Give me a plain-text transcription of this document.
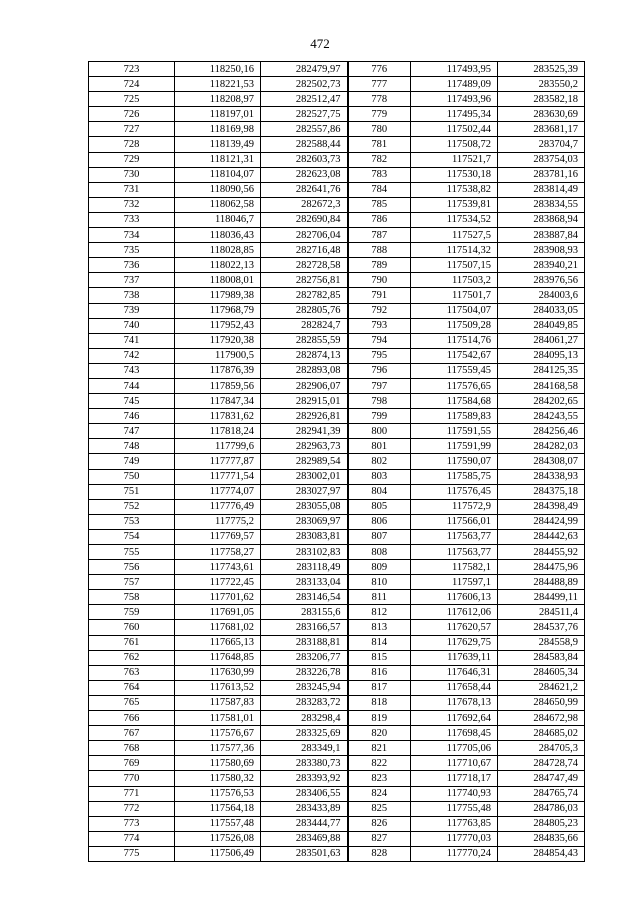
472
723	118250,16	282479,97	776	117493,95	283525,39
724	118221,53	282502,73	777	117489,09	283550,2
725	118208,97	282512,47	778	117493,96	283582,18
726	118197,01	282527,75	779	117495,34	283630,69
727	118169,98	282557,86	780	117502,44	283681,17
728	118139,49	282588,44	781	117508,72	283704,7
729	118121,31	282603,73	782	117521,7	283754,03
730	118104,07	282623,08	783	117530,18	283781,16
731	118090,56	282641,76	784	117538,82	283814,49
732	118062,58	282672,3	785	117539,81	283834,55
733	118046,7	282690,84	786	117534,52	283868,94
734	118036,43	282706,04	787	117527,5	283887,84
735	118028,85	282716,48	788	117514,32	283908,93
736	118022,13	282728,58	789	117507,15	283940,21
737	118008,01	282756,81	790	117503,2	283976,56
738	117989,38	282782,85	791	117501,7	284003,6
739	117968,79	282805,76	792	117504,07	284033,05
740	117952,43	282824,7	793	117509,28	284049,85
741	117920,38	282855,59	794	117514,76	284061,27
742	117900,5	282874,13	795	117542,67	284095,13
743	117876,39	282893,08	796	117559,45	284125,35
744	117859,56	282906,07	797	117576,65	284168,58
745	117847,34	282915,01	798	117584,68	284202,65
746	117831,62	282926,81	799	117589,83	284243,55
747	117818,24	282941,39	800	117591,55	284256,46
748	117799,6	282963,73	801	117591,99	284282,03
749	117777,87	282989,54	802	117590,07	284308,07
750	117771,54	283002,01	803	117585,75	284338,93
751	117774,07	283027,97	804	117576,45	284375,18
752	117776,49	283055,08	805	117572,9	284398,49
753	117775,2	283069,97	806	117566,01	284424,99
754	117769,57	283083,81	807	117563,77	284442,63
755	117758,27	283102,83	808	117563,77	284455,92
756	117743,61	283118,49	809	117582,1	284475,96
757	117722,45	283133,04	810	117597,1	284488,89
758	117701,62	283146,54	811	117606,13	284499,11
759	117691,05	283155,6	812	117612,06	284511,4
760	117681,02	283166,57	813	117620,57	284537,76
761	117665,13	283188,81	814	117629,75	284558,9
762	117648,85	283206,77	815	117639,11	284583,84
763	117630,99	283226,78	816	117646,31	284605,34
764	117613,52	283245,94	817	117658,44	284621,2
765	117587,83	283283,72	818	117678,13	284650,99
766	117581,01	283298,4	819	117692,64	284672,98
767	117576,67	283325,69	820	117698,45	284685,02
768	117577,36	283349,1	821	117705,06	284705,3
769	117580,69	283380,73	822	117710,67	284728,74
770	117580,32	283393,92	823	117718,17	284747,49
771	117576,53	283406,55	824	117740,93	284765,74
772	117564,18	283433,89	825	117755,48	284786,03
773	117557,48	283444,77	826	117763,85	284805,23
774	117526,08	283469,88	827	117770,03	284835,66
775	117506,49	283501,63	828	117770,24	284854,43
